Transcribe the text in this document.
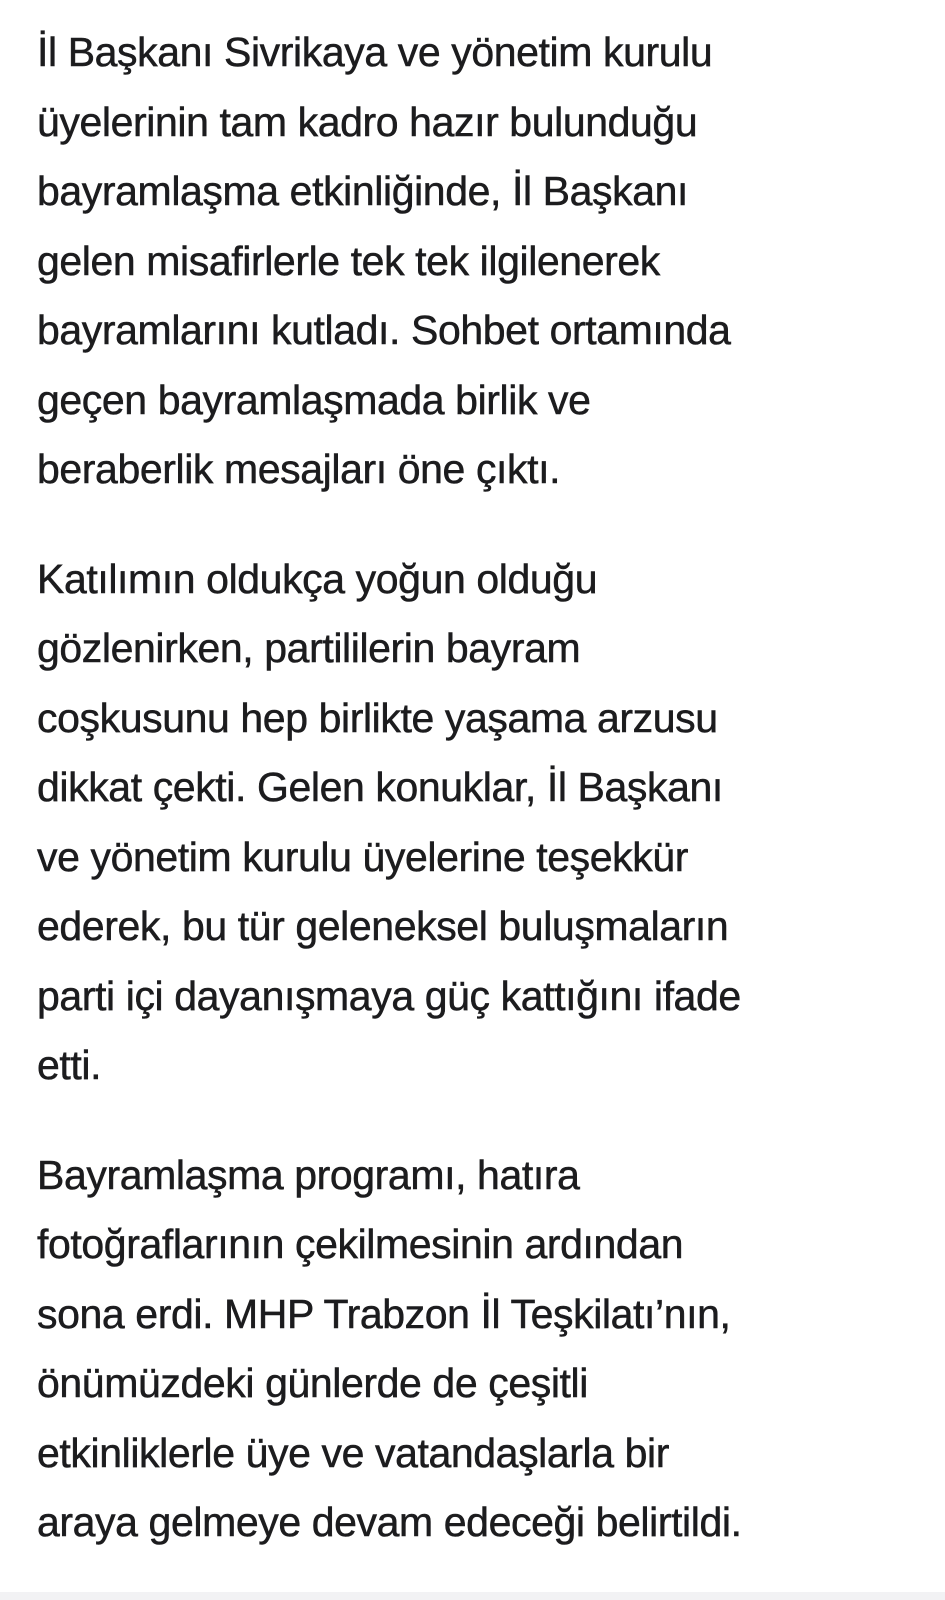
İl Başkanı Sivrikaya ve yönetim kurulu
üyelerinin tam kadro hazır bulunduğu
bayramlaşma etkinliğinde, İl Başkanı
gelen misafirlerle tek tek ilgilenerek
bayramlarını kutladı. Sohbet ortamında
geçen bayramlaşmada birlik ve
beraberlik mesajları öne çıktı.

Katılımın oldukça yoğun olduğu
gözlenirken, partililerin bayram
coşkusunu hep birlikte yaşama arzusu
dikkat çekti. Gelen konuklar, İl Başkanı
ve yönetim kurulu üyelerine teşekkür
ederek, bu tür geleneksel buluşmaların
parti içi dayanışmaya güç kattığını ifade
etti.

Bayramlaşma programı, hatıra
fotoğraflarının çekilmesinin ardından
sona erdi. MHP Trabzon İl Teşkilatı’nın,
önümüzdeki günlerde de çeşitli
etkinliklerle üye ve vatandaşlarla bir
araya gelmeye devam edeceği belirtildi.
